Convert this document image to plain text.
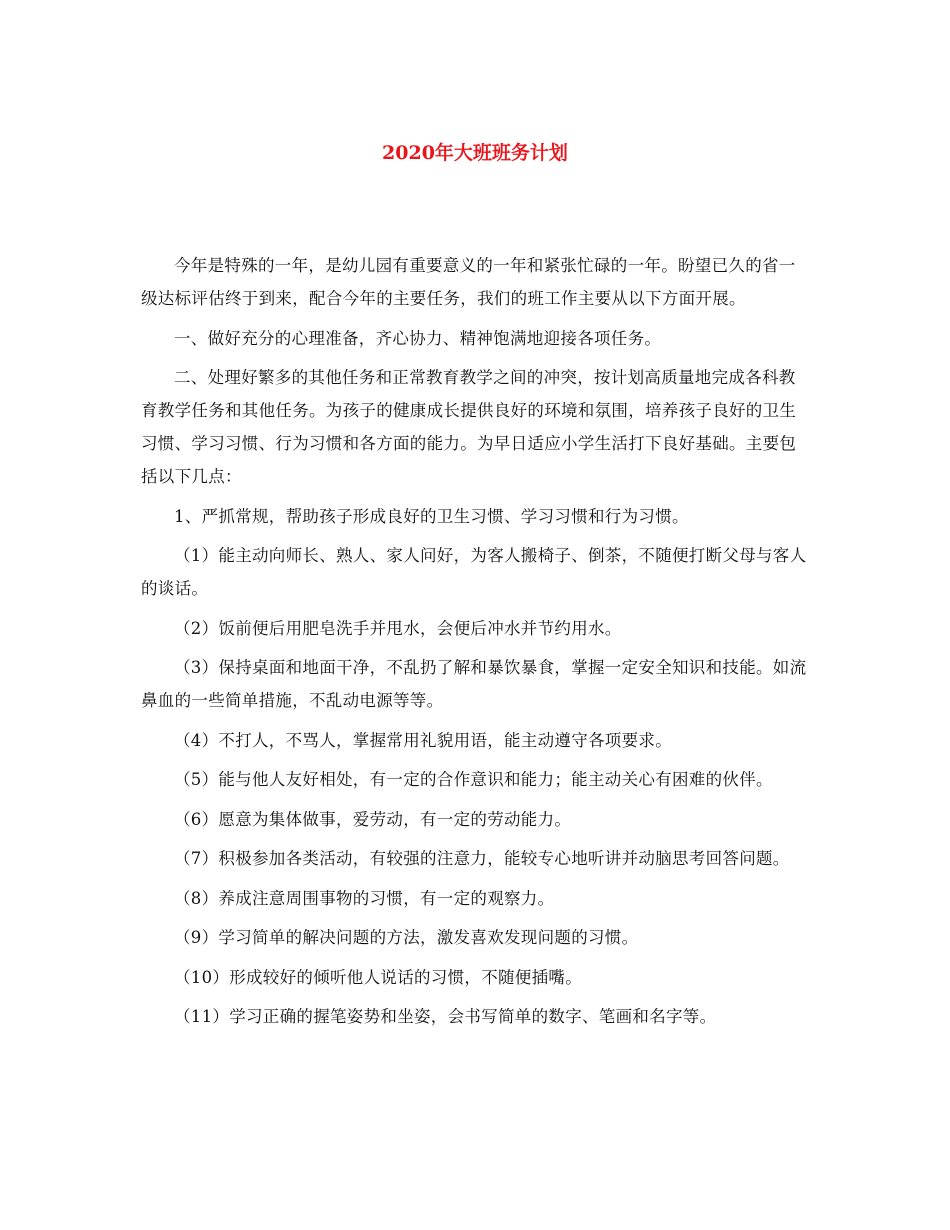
2020年大班班务计划

今年是特殊的一年，是幼儿园有重要意义的一年和紧张忙碌的一年。盼望已久的省一级达标评估终于到来，配合今年的主要任务，我们的班工作主要从以下方面开展。

一、做好充分的心理准备，齐心协力、精神饱满地迎接各项任务。

二、处理好繁多的其他任务和正常教育教学之间的冲突，按计划高质量地完成各科教育教学任务和其他任务。为孩子的健康成长提供良好的环境和氛围，培养孩子良好的卫生习惯、学习习惯、行为习惯和各方面的能力。为早日适应小学生活打下良好基础。主要包括以下几点：

1、严抓常规，帮助孩子形成良好的卫生习惯、学习习惯和行为习惯。

（1）能主动向师长、熟人、家人问好，为客人搬椅子、倒茶，不随便打断父母与客人的谈话。

（2）饭前便后用肥皂洗手并甩水，会便后冲水并节约用水。

（3）保持桌面和地面干净，不乱扔了解和暴饮暴食，掌握一定安全知识和技能。如流鼻血的一些简单措施，不乱动电源等等。

（4）不打人，不骂人，掌握常用礼貌用语，能主动遵守各项要求。

（5）能与他人友好相处，有一定的合作意识和能力；能主动关心有困难的伙伴。

（6）愿意为集体做事，爱劳动，有一定的劳动能力。

（7）积极参加各类活动，有较强的注意力，能较专心地听讲并动脑思考回答问题。

（8）养成注意周围事物的习惯，有一定的观察力。

（9）学习简单的解决问题的方法，激发喜欢发现问题的习惯。

（10）形成较好的倾听他人说话的习惯，不随便插嘴。

（11）学习正确的握笔姿势和坐姿，会书写简单的数字、笔画和名字等。
